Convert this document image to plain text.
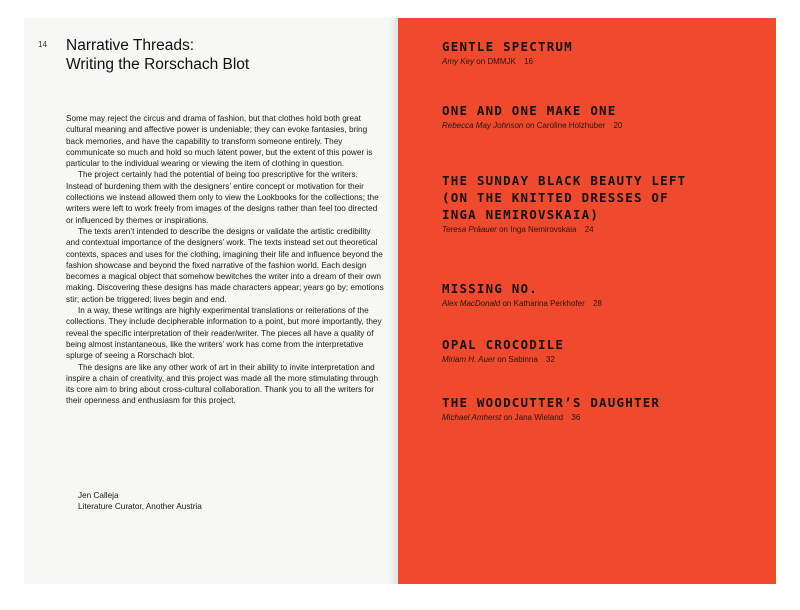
14 Narrative Threads:
Writing the Rorschach Blot

Some may reject the circus and drama of fashion, but that clothes hold both great cultural meaning and affective power is undeniable; they can evoke fantasies, bring back memories, and have the capability to transform someone entirely. They communicate so much and hold so much latent power, but the extent of this power is particular to the individual wearing or viewing the item of clothing in question.

The project certainly had the potential of being too prescriptive for the writers. Instead of burdening them with the designers’ entire concept or motivation for their collections we instead allowed them only to view the Lookbooks for the collections; the writers were left to work freely from images of the designs rather than feel too directed or influenced by themes or inspirations.

The texts aren’t intended to describe the designs or validate the artistic credibility and contextual importance of the designers’ work. The texts instead set out theoretical contexts, spaces and uses for the clothing, imagining their life and influence beyond the fashion showcase and beyond the fixed narrative of the fashion world. Each design becomes a magical object that somehow bewitches the writer into a dream of their own making. Discovering these designs has made characters appear; years go by; emotions stir; action be triggered; lives begin and end.

In a way, these writings are highly experimental translations or reiterations of the collections. They include decipherable information to a point, but more importantly, they reveal the specific interpretation of their reader/writer. The pieces all have a quality of being almost instantaneous, like the writers’ work has come from the interpretative splurge of seeing a Rorschach blot.

The designs are like any other work of art in their ability to invite interpretation and inspire a chain of creativity, and this project was made all the more stimulating through its core aim to bring about cross-cultural collaboration. Thank you to all the writers for their openness and enthusiasm for this project.

Jen Calleja
Literature Curator, Another Austria
GENTLE SPECTRUM
Amy Key on DMMJK 16
ONE AND ONE MAKE ONE
Rebecca May Johnson on Caroline Holzhuber 20
THE SUNDAY BLACK BEAUTY LEFT
(ON THE KNITTED DRESSES OF
INGA NEMIROVSKAIA)
Teresa Präauer on Inga Nemirovskaia 24
MISSING NO.
Alex MacDonald on Katharina Perkhofer 28
OPAL CROCODILE
Miriam H. Auer on Sabinna 32
THE WOODCUTTER’S DAUGHTER
Michael Amherst on Jana Wieland 36
